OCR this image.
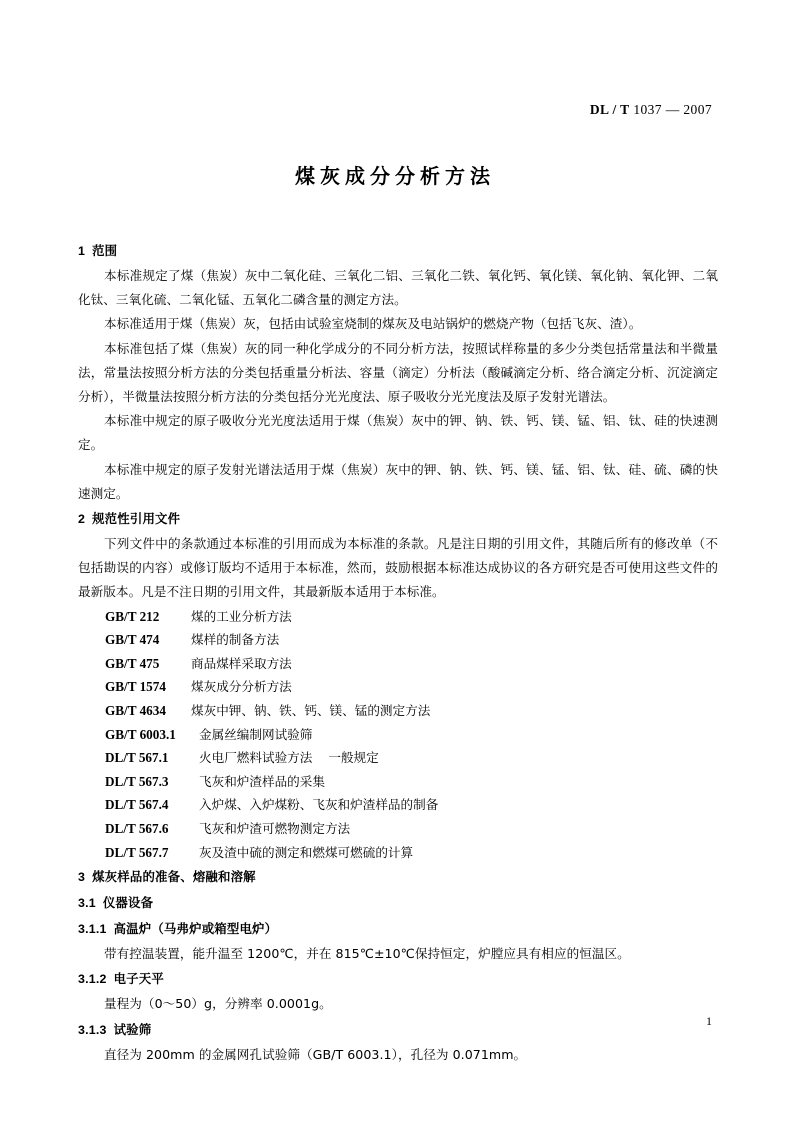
DL / T 1037 — 2007
煤灰成分分析方法
1 范围

本标准规定了煤（焦炭）灰中二氧化硅、三氧化二铝、三氧化二铁、氧化钙、氧化镁、氧化钠、氧化钾、二氧化钛、三氧化硫、二氧化锰、五氧化二磷含量的测定方法。

本标准适用于煤（焦炭）灰，包括由试验室烧制的煤灰及电站锅炉的燃烧产物（包括飞灰、渣）。

本标准包括了煤（焦炭）灰的同一种化学成分的不同分析方法，按照试样称量的多少分类包括常量法和半微量法，常量法按照分析方法的分类包括重量分析法、容量（滴定）分析法（酸碱滴定分析、络合滴定分析、沉淀滴定分析），半微量法按照分析方法的分类包括分光光度法、原子吸收分光光度法及原子发射光谱法。

本标准中规定的原子吸收分光光度法适用于煤（焦炭）灰中的钾、钠、铁、钙、镁、锰、铝、钛、硅的快速测定。

本标准中规定的原子发射光谱法适用于煤（焦炭）灰中的钾、钠、铁、钙、镁、锰、铝、钛、硅、硫、磷的快速测定。

2 规范性引用文件

下列文件中的条款通过本标准的引用而成为本标准的条款。凡是注日期的引用文件，其随后所有的修改单（不包括勘误的内容）或修订版均不适用于本标准，然而，鼓励根据本标准达成协议的各方研究是否可使用这些文件的最新版本。凡是不注日期的引用文件，其最新版本适用于本标准。

GB/T 212	煤的工业分析方法
GB/T 474	煤样的制备方法
GB/T 475	商品煤样采取方法
GB/T 1574 煤灰成分分析方法
GB/T 4634 煤灰中钾、钠、铁、钙、镁、锰的测定方法
GB/T 6003.1 金属丝编制网试验筛
DL/T 567.1 火电厂燃料试验方法 一般规定
DL/T 567.3 飞灰和炉渣样品的采集
DL/T 567.4 入炉煤、入炉煤粉、飞灰和炉渣样品的制备
DL/T 567.6 飞灰和炉渣可燃物测定方法
DL/T 567.7 灰及渣中硫的测定和燃煤可燃硫的计算
3 煤灰样品的准备、熔融和溶解
3.1 仪器设备
3.1.1 高温炉（马弗炉或箱型电炉）

带有控温装置，能升温至 1200℃，并在 815℃±10℃保持恒定，炉膛应具有相应的恒温区。

3.1.2 电子天平

量程为（0～50）g，分辨率 0.0001g。

3.1.3 试验筛

直径为 200mm 的金属网孔试验筛（GB/T 6003.1），孔径为 0.071mm。

1
